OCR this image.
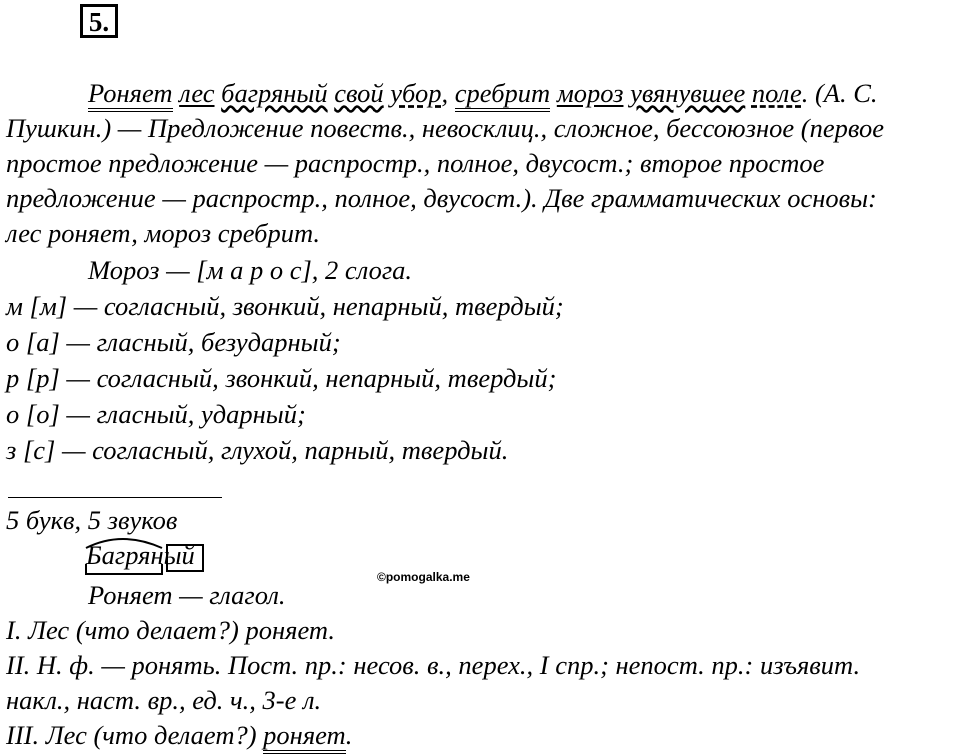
5.
Роняет лес багряный свой убор, сребрит мороз увянувшее поле. (А. С.
Пушкин.) — Предложение повеств., невосклиц., сложное, бессоюзное (первое
простое предложение — распростр., полное, двусост.; второе простое
предложение — распростр., полное, двусост.). Две грамматических основы:
лес роняет, мороз сребрит.
Мороз — [м а р о с], 2 слога.
м [м] — согласный, звонкий, непарный, твердый;
о [а] — гласный, безударный;
р [р] — согласный, звонкий, непарный, твердый;
о [о] — гласный, ударный;
з [с] — согласный, глухой, парный, твердый.
5 букв, 5 звуков
Багряный
©pomogalka.me
Роняет — глагол.
I. Лес (что делает?) роняет.
II. Н. ф. — ронять. Пост. пр.: несов. в., перех., I спр.; непост. пр.: изъявит.
накл., наст. вр., ед. ч., 3-е л.
III. Лес (что делает?) роняет.
